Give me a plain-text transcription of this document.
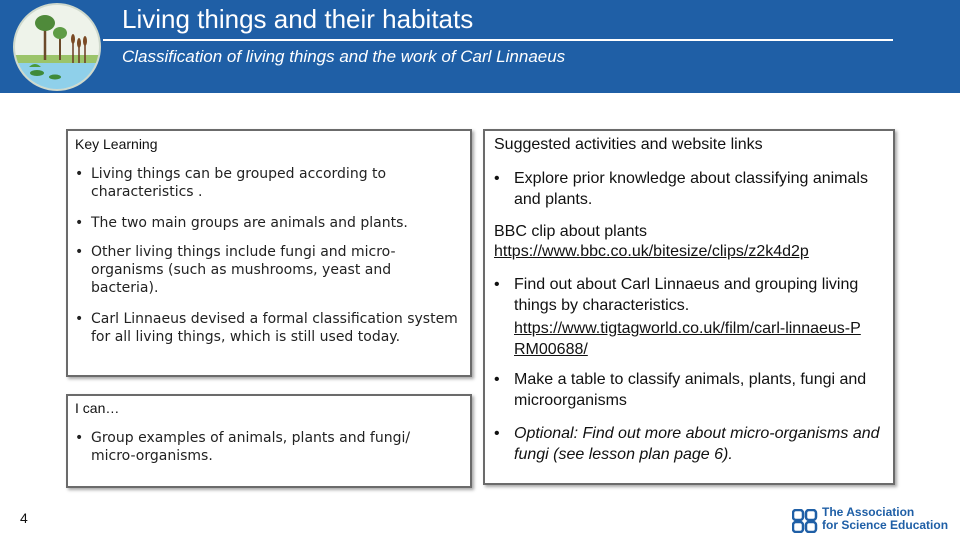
Living things and their habitats
Classification of living things and the work of Carl Linnaeus
Key Learning
• Living things can be grouped according to characteristics .
• The two main groups are animals and plants.
• Other living things include fungi and micro-organisms (such as mushrooms, yeast and bacteria).
• Carl Linnaeus devised a formal classification system for all living things, which is still used today.
I can…
• Group examples of animals, plants and fungi/ micro-organisms.
Suggested activities and website links
• Explore prior knowledge about classifying animals and plants.
BBC clip about plants
https://www.bbc.co.uk/bitesize/clips/z2k4d2p
• Find out about Carl Linnaeus and grouping living things by characteristics.
https://www.tigtagworld.co.uk/film/carl-linnaeus-PRM00688/
• Make a table to classify animals, plants, fungi and microorganisms
• Optional: Find out more about micro-organisms and fungi (see lesson plan page 6).
4	The Association
for Science Education
